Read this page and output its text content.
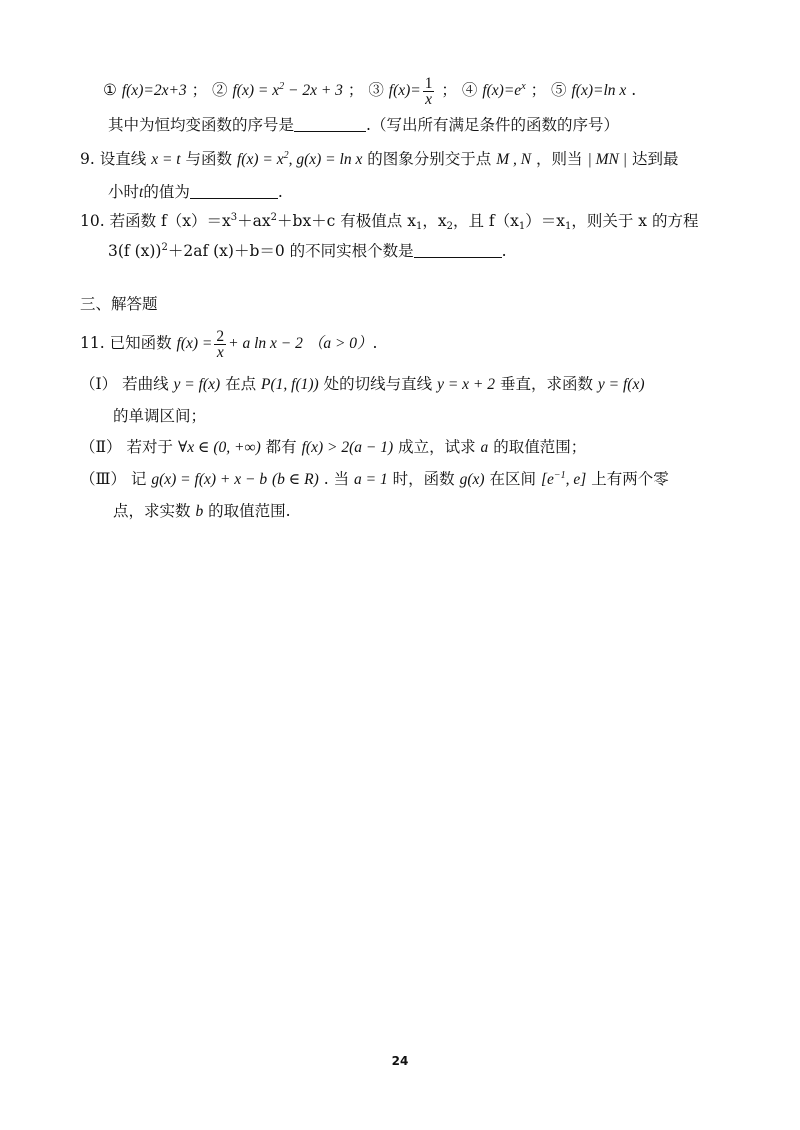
① f(x)=2x+3 ； ② $f(x) = x^2 - 2x + 3$ ； ③ $f(x)= \frac{1}{x}$ ； ④ $f(x)=e^x$ ； ⑤ f(x)=ln x .
其中为恒均变函数的序号是	.（写出所有满足条件的函数的序号）
9. 设直线 x = t 与函数 $f(x) = x^2$, g(x) = ln x 的图象分别交于点 M , N ，则当 | MN | 达到最
小时t的值为	.
10. 若函数 $f(x)=x^3+ax^2+bx+c$ 有极值点 $x_1$，$x_2$，且 $f(x_1)=x_1$，则关于 x 的方程
3(f (x))$^2$＋2af (x)＋b＝0 的不同实根个数是	.
三、解答题
11. 已知函数 $f(x) = \frac{2}{x} + a$ ln x − 2 （a > 0）.
（Ⅰ） 若曲线 y = f(x) 在点 P(1, f(1)) 处的切线与直线 y = x + 2 垂直，求函数 y = f(x)
的单调区间；
（Ⅱ） 若对于 ∀x ∈ (0, +∞) 都有 f(x) > 2(a − 1) 成立，试求 a 的取值范围；
（Ⅲ） 记 g(x) = f(x) + x − b (b ∈ R) . 当 a = 1 时，函数 g(x) 在区间 [$e^{-1}$, e] 上有两个零
点，求实数 b 的取值范围.
24
